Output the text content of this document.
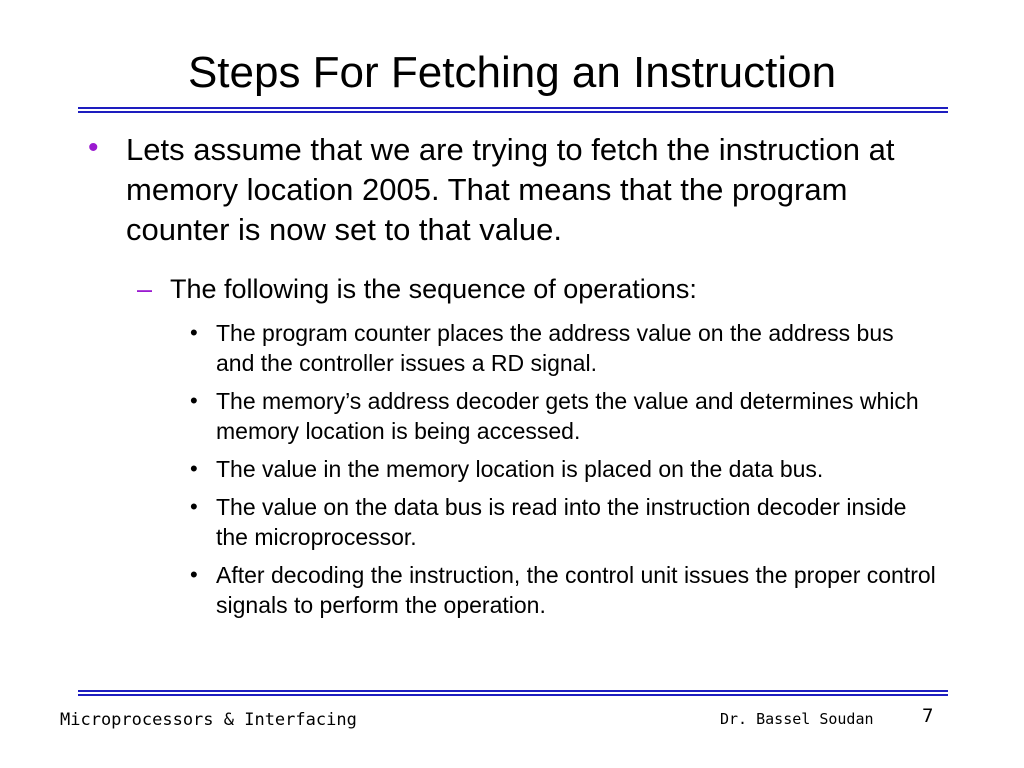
Steps For Fetching an Instruction
• Lets assume that we are trying to fetch the instruction at memory location 2005. That means that the program counter is now set to that value.
– The following is the sequence of operations:
• The program counter places the address value on the address bus and the controller issues a RD signal.
• The memory’s address decoder gets the value and determines which memory location is being accessed.
• The value in the memory location is placed on the data bus.
• The value on the data bus is read into the instruction decoder inside the microprocessor.
• After decoding the instruction, the control unit issues the proper control signals to perform the operation.
Microprocessors & Interfacing	Dr. Bassel Soudan	7
